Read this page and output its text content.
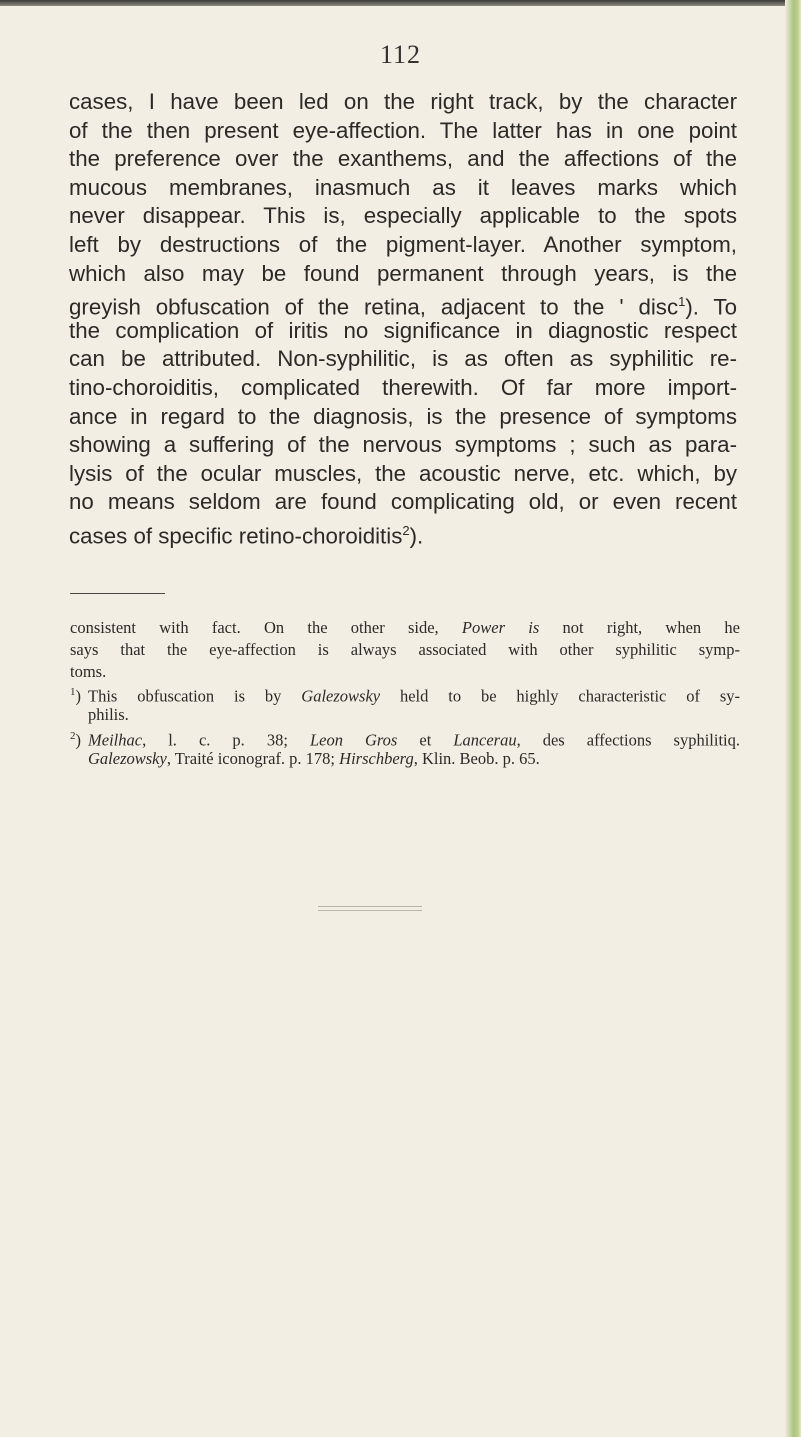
112
cases, I have been led on the right track, by the character
of the then present eye-affection. The latter has in one point
the preference over the exanthems, and the affections of the
mucous membranes, inasmuch as it leaves marks which
never disappear. This is, especially applicable to the spots
left by destructions of the pigment-layer. Another symptom,
which also may be found permanent through years, is the
greyish obfuscation of the retina, adjacent to the ' disc$^1$). To
the complication of iritis no significance in diagnostic respect
can be attributed. Non-syphilitic, is as often as syphilitic re-
tino-choroiditis, complicated therewith. Of far more import-
ance in regard to the diagnosis, is the presence of symptoms
showing a suffering of the nervous symptoms ; such as para-
lysis of the ocular muscles, the acoustic nerve, etc. which, by
no means seldom are found complicating old, or even recent
cases of specific retino-choroiditis$^2$).
consistent with fact. On the other side, Power is not right, when he
says that the eye-affection is always associated with other syphilitic symp-
toms.
$^1$) This obfuscation is by Galezowsky held to be highly characteristic of sy-
philis.
$^2$) Meilhac, l. c. p. 38; Leon Gros et Lancerau, des affections syphilitiq.
Galezowsky, Traité iconograf. p. 178; Hirschberg, Klin. Beob. p. 65.
